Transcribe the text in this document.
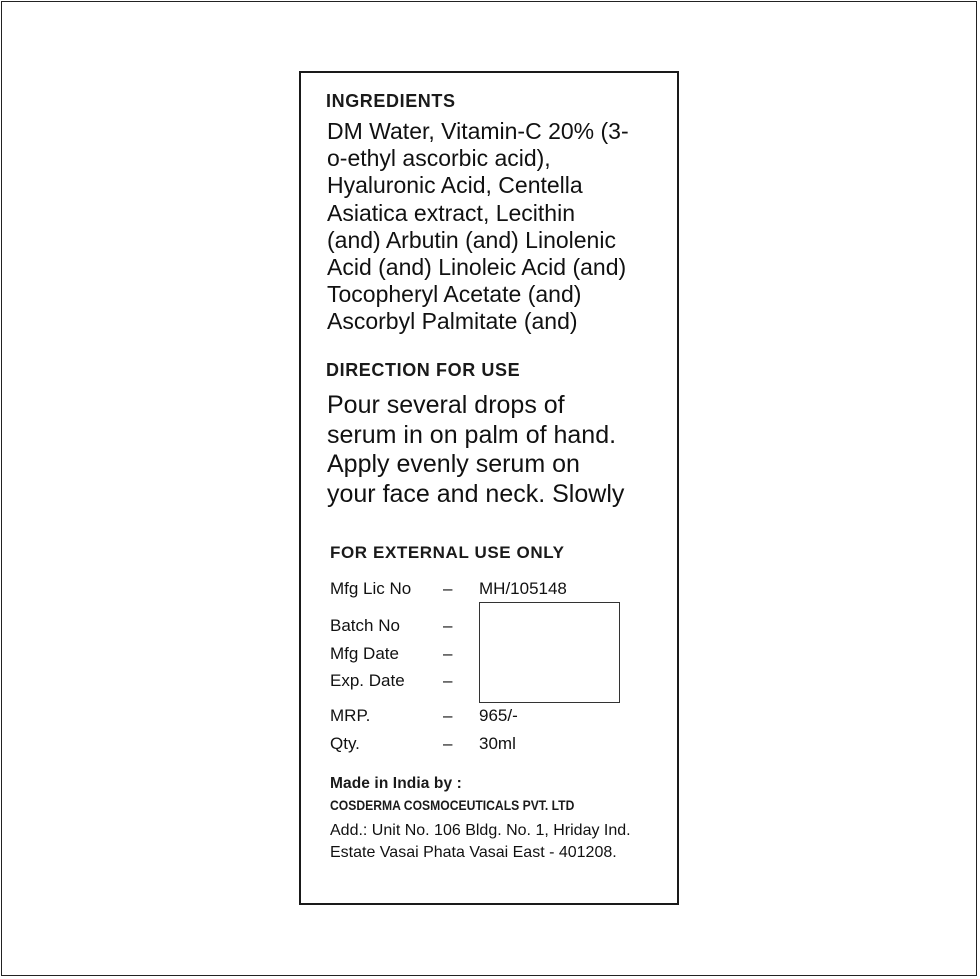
INGREDIENTS
DM Water, Vitamin-C 20% (3-
o-ethyl ascorbic acid),
Hyaluronic Acid, Centella
Asiatica extract, Lecithin
(and) Arbutin (and) Linolenic
Acid (and) Linoleic Acid (and)
Tocopheryl Acetate (and)
Ascorbyl Palmitate (and)
DIRECTION FOR USE
Pour several drops of
serum in on palm of hand.
Apply evenly serum on
your face and neck. Slowly
FOR EXTERNAL USE ONLY
Mfg Lic No – MH/105148
Batch No	–
Mfg Date	–
Exp. Date –
MRP.	– 965/-
Qty.	– 30ml
Made in India by :
COSDERMA COSMOCEUTICALS PVT. LTD
Add.: Unit No. 106 Bldg. No. 1, Hriday Ind.
Estate Vasai Phata Vasai East - 401208.
